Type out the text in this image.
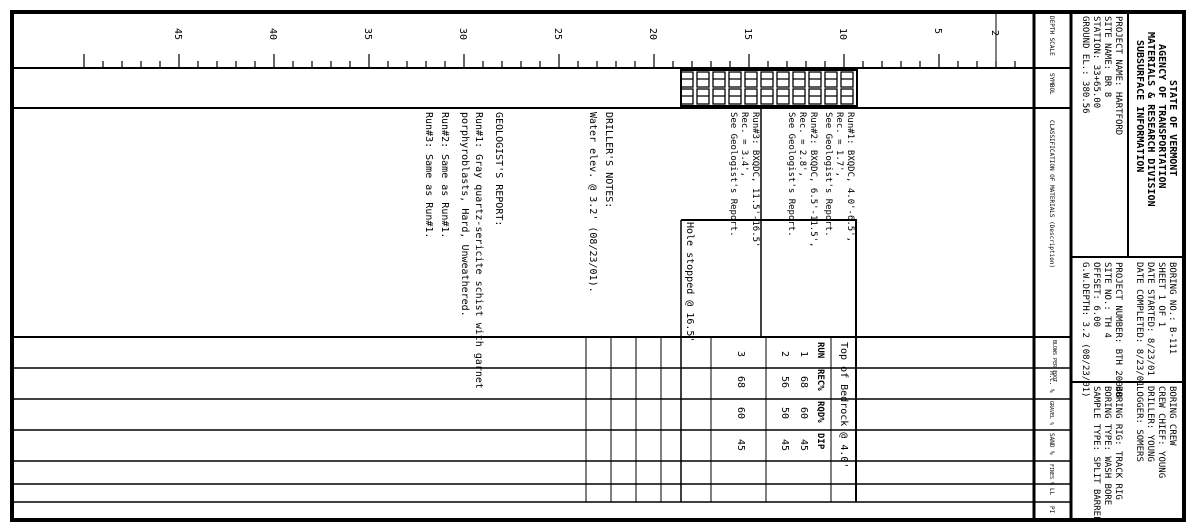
STATE OF VERMONT
AGENCY OF TRANSPORTATION
MATERIALS & RESEARCH DIVISION
SUBSURFACE INFORMATION
PROJECT NAME: HARTFORD
SITE NAME: BR 8
STATION: 33+65.00
GROUND EL.: 380.56
BORING NO.: B-111
SHEET 1 OF 1
DATE STARTED: 8/23/01
DATE COMPLETED: 8/23/01
PROJECT NUMBER: BTH 2004B
SITE NO.: TH 4
OFFSET: 6.00
G.W.DEPTH: 3.2 (08/23/01)
BORING CREW
CREW CHIEF: YOUNG
DRILLER: YOUNG
LOGGER: SOMERS
BORING RIG: TRACK RIG
BORING TYPE: WASH BORE
SAMPLE TYPE: SPLIT BARREL
DEPTH SCALE
SYMBOL
CLASSIFICATION OF MATERIALS (Description)
BLOWS PER FOOT
M.C. %
GRAVEL %
SAND %
FINES %
LL
PI
5
10
15
20
25
30
35
40
45	2
Run#1: BXQDC, 4.0'-6.5',
Rec. = 1.7',
See Geologist's Report.
Run#2: BXQDC, 6.5'-11.5',
Rec. = 2.8',
See Geologist's Report.
Run#3: BXQDC, 11.5'-16.5'
Rec. = 3.4',
See Geologist's Report.
DRILLER'S NOTES:
Water elev. @ 3.2' (08/23/01).
GEOLOGIST'S REPORT:
Run#1: Gray quartz-sericite schist with garnet
porphyroblasts, Hard, Unweathered.
Run#2: Same as Run#1.
Run#3: Same as Run#1.
Top of Bedrock @ 4.0'
Hole stopped @ 16.5'
RUN
REC%
RQD%
DIP
1
68
60
45
2
56
50
45
3
68
60
45
